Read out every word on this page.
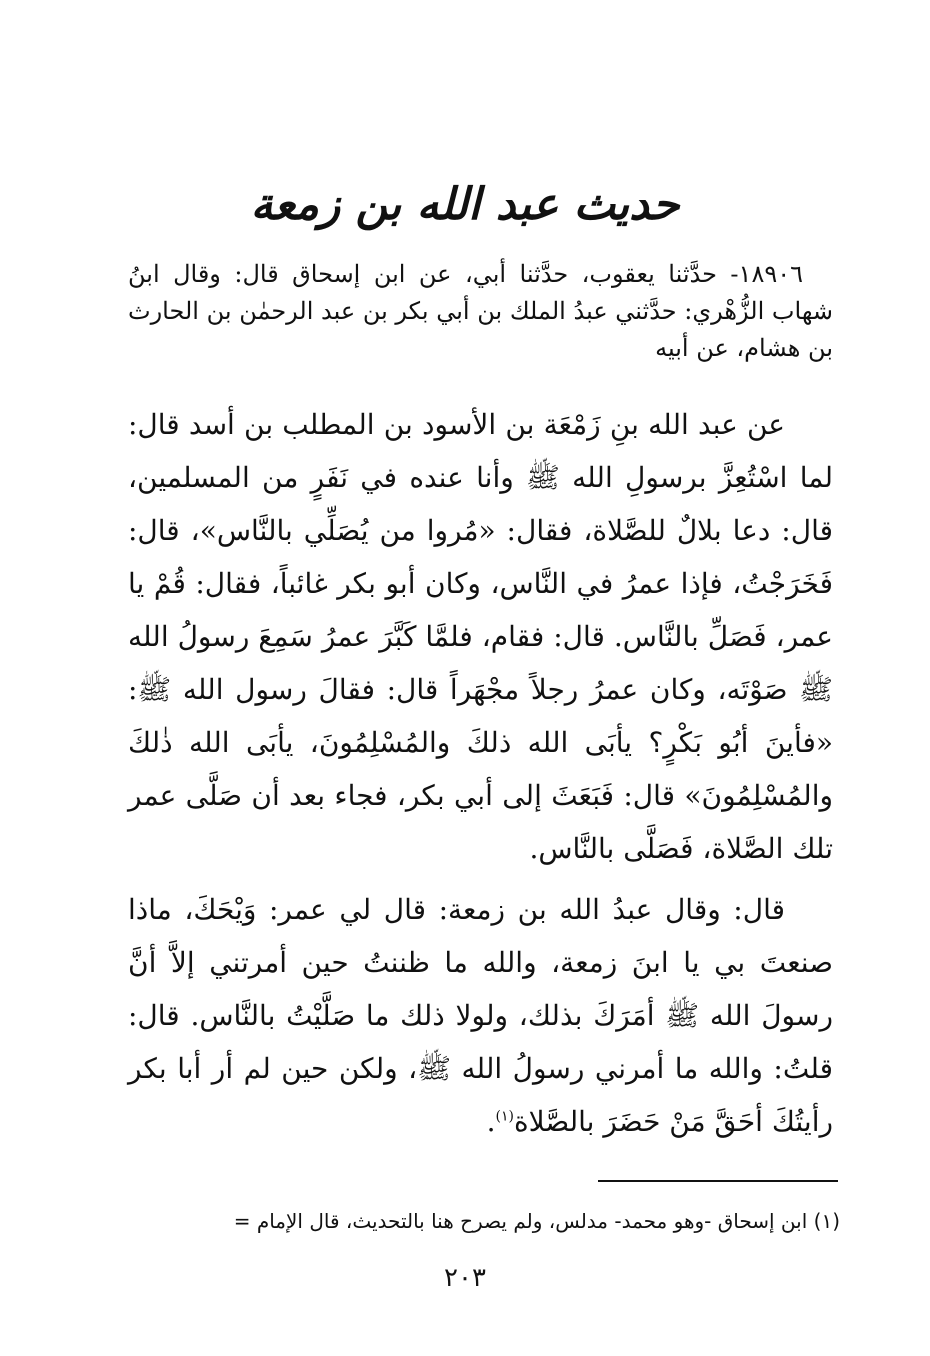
حديث عبد الله بن زمعة
١٨٩٠٦- حدَّثنا يعقوب، حدَّثنا أبي، عن ابن إسحاق قال: وقال ابنُ شهاب الزُّهْري: حدَّثني عبدُ الملك بن أبي بكر بن عبد الرحمٰن بن الحارث بن هشام، عن أبيه
عن عبد الله بنِ زَمْعَة بن الأسود بن المطلب بن أسد قال: لما اسْتُعِزَّ برسولِ الله ﷺ وأنا عنده في نَفَرٍ من المسلمين، قال: دعا بلالٌ للصَّلاة، فقال: «مُروا من يُصَلِّي بالنَّاس»، قال: فَخَرَجْتُ، فإذا عمرُ في النَّاس، وكان أبو بكر غائباً، فقال: قُمْ يا عمر، فَصَلِّ بالنَّاس. قال: فقام، فلمَّا كَبَّرَ عمرُ سَمِعَ رسولُ الله ﷺ صَوْتَه، وكان عمرُ رجلاً مجْهَراً قال: فقالَ رسول الله ﷺ: «فأينَ أبُو بَكْرٍ؟ يأبَى الله ذلكَ والمُسْلِمُونَ، يأبَى الله ذٰلكَ والمُسْلِمُونَ» قال: فَبَعَثَ إلى أبي بكر، فجاء بعد أن صَلَّى عمر تلك الصَّلاة، فَصَلَّى بالنَّاس.
قال: وقال عبدُ الله بن زمعة: قال لي عمر: وَيْحَكَ، ماذا صنعتَ بي يا ابنَ زمعة، والله ما ظننتُ حين أمرتني إلاَّ أنَّ رسولَ الله ﷺ أمَرَكَ بذلك، ولولا ذلك ما صَلَّيْتُ بالنَّاس. قال: قلتُ: والله ما أمرني رسولُ الله ﷺ، ولكن حين لم أر أبا بكر رأيتُكَ أحَقَّ مَنْ حَضَرَ بالصَّلاة$^{(١)}$.
(١) ابن إسحاق -وهو محمد- مدلس، ولم يصرح هنا بالتحديث، قال الإمام =
٢٠٣
